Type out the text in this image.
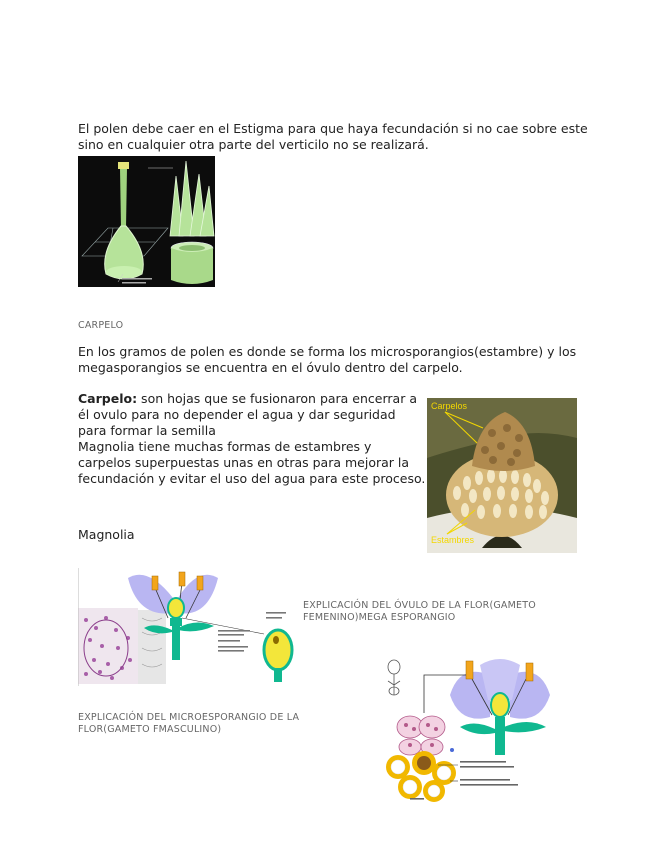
El polen debe caer en el Estigma para que haya fecundación si no cae sobre este
sino en cualquier otra parte del verticilo no se realizará.
CARPELO
En los gramos de polen es donde se forma los microsporangios(estambre) y los
megasporangios se encuentra en el óvulo dentro del carpelo.
Carpelo: son hojas que se fusionaron para encerrar a
él ovulo para no depender el agua y dar seguridad
para formar la semilla
Magnolia tiene muchas formas de estambres y
carpelos superpuestas unas en otras para mejorar la
fecundación y evitar el uso del agua para este proceso.
Carpelos
Estambres
Magnolia
EXPLICACIÓN DEL ÓVULO DE LA FLOR(GAMETO
FEMENINO)MEGA ESPORANGIO
EXPLICACIÓN DEL MICROESPORANGIO DE LA
FLOR(GAMETO FMASCULINO)
